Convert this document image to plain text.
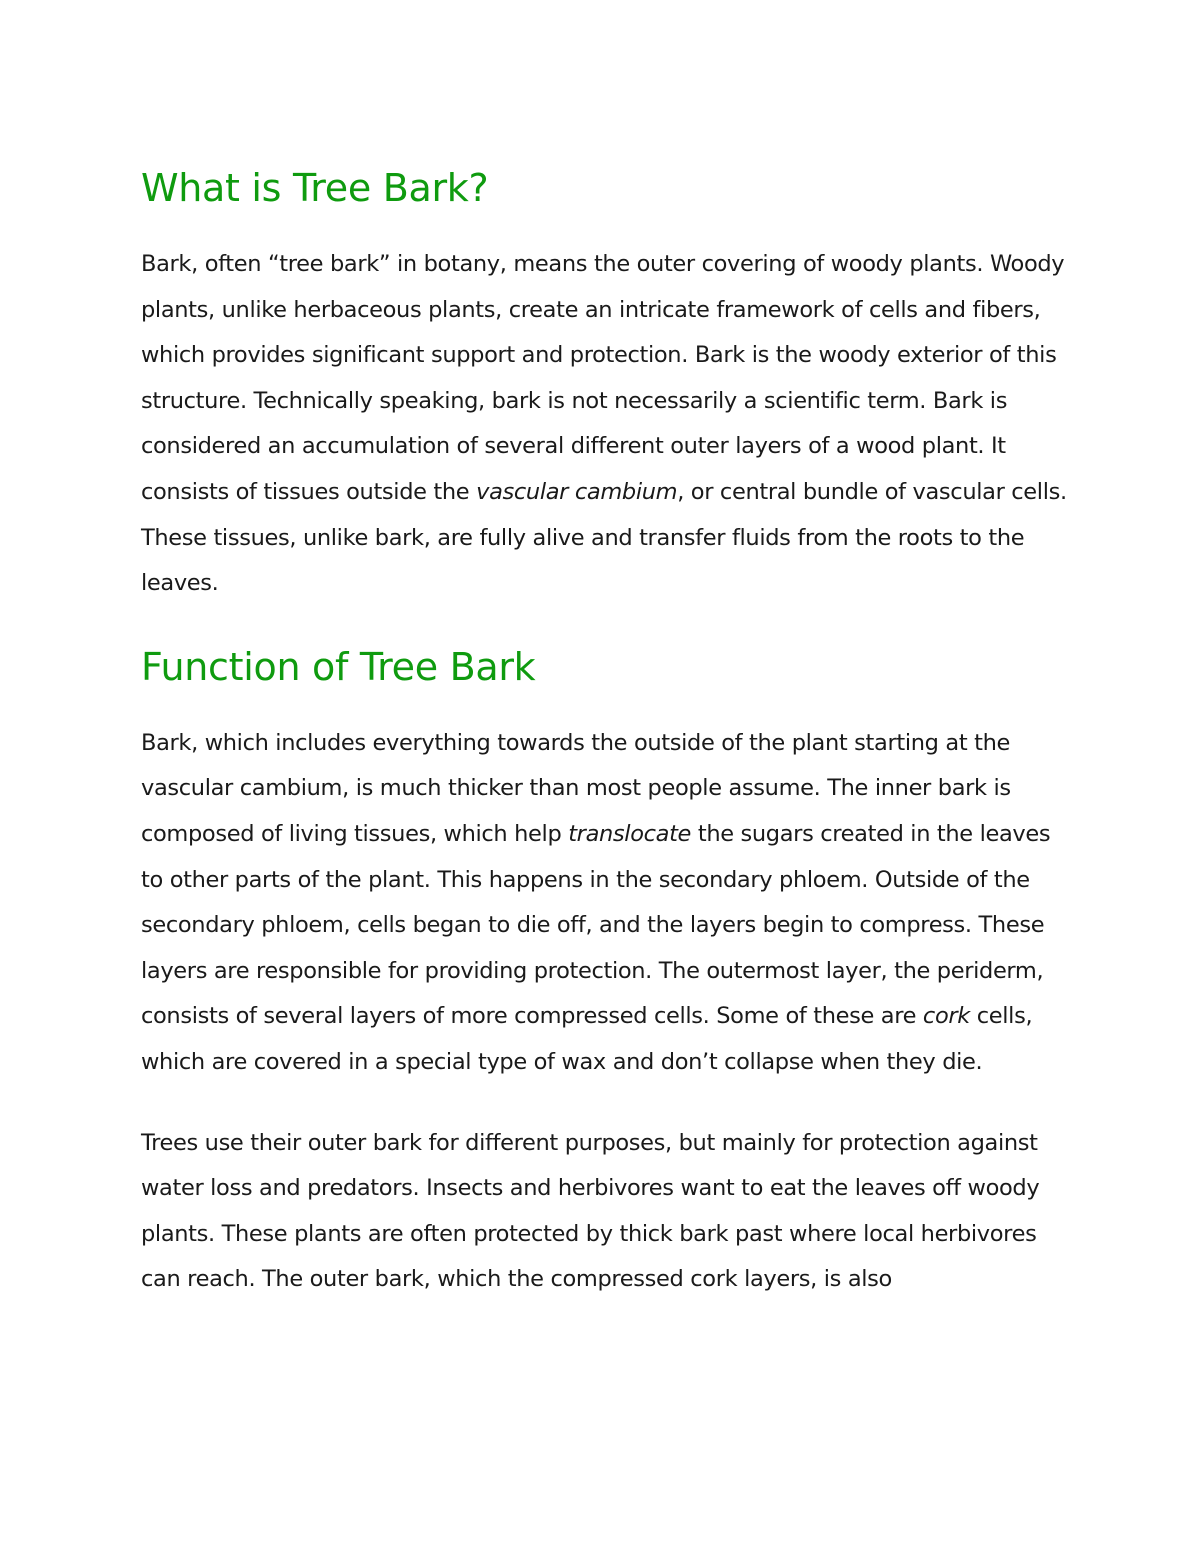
What is Tree Bark?

Bark, often “tree bark” in botany, means the outer covering of woody plants. Woody plants, unlike herbaceous plants, create an intricate framework of cells and fibers, which provides significant support and protection. Bark is the woody exterior of this structure. Technically speaking, bark is not necessarily a scientific term. Bark is considered an accumulation of several different outer layers of a wood plant. It consists of tissues outside the vascular cambium, or central bundle of vascular cells. These tissues, unlike bark, are fully alive and transfer fluids from the roots to the leaves.

Function of Tree Bark

Bark, which includes everything towards the outside of the plant starting at the vascular cambium, is much thicker than most people assume. The inner bark is composed of living tissues, which help translocate the sugars created in the leaves to other parts of the plant. This happens in the secondary phloem. Outside of the secondary phloem, cells began to die off, and the layers begin to compress. These layers are responsible for providing protection. The outermost layer, the periderm, consists of several layers of more compressed cells. Some of these are cork cells, which are covered in a special type of wax and don’t collapse when they die.

Trees use their outer bark for different purposes, but mainly for protection against water loss and predators. Insects and herbivores want to eat the leaves off woody plants. These plants are often protected by thick bark past where local herbivores can reach. The outer bark, which the compressed cork layers, is also
